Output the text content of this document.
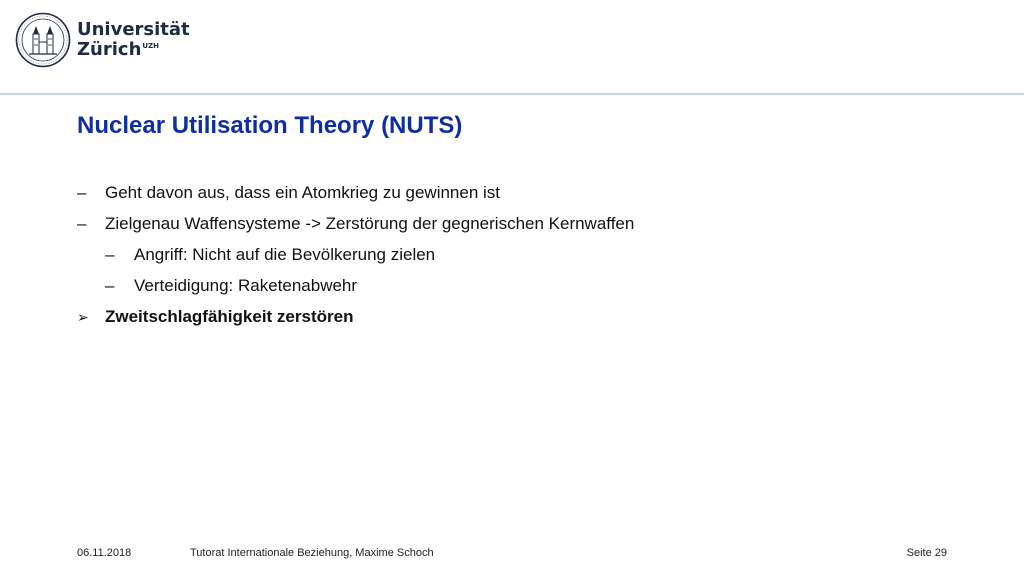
Universität
Zürich UZH
Nuclear Utilisation Theory (NUTS)
– Geht davon aus, dass ein Atomkrieg zu gewinnen ist
– Zielgenau Waffensysteme -> Zerstörung der gegnerischen Kernwaffen
– Angriff: Nicht auf die Bevölkerung zielen
– Verteidigung: Raketenabwehr
➢ Zweitschlagfähigkeit zerstören
06.11.2018	Tutorat Internationale Beziehung, Maxime Schoch	Seite 29
